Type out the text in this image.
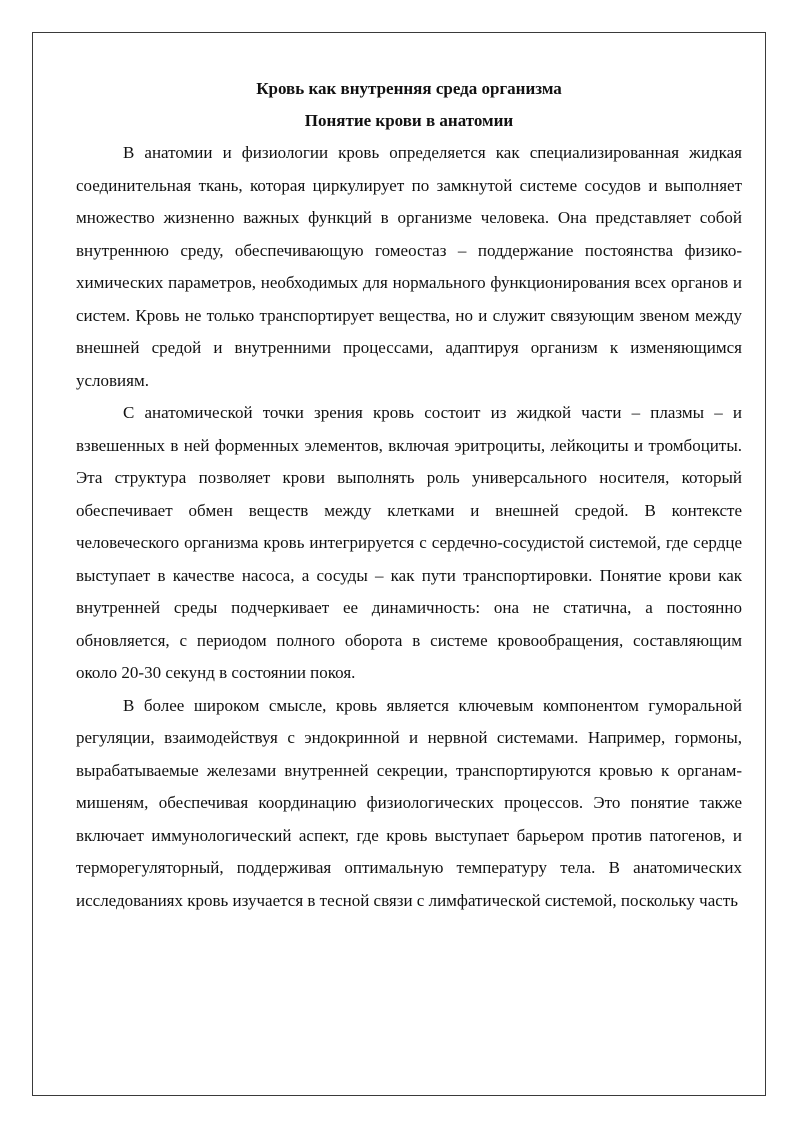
Кровь как внутренняя среда организма

Понятие крови в анатомии

В анатомии и физиологии кровь определяется как специализированная жидкая соединительная ткань, которая циркулирует по замкнутой системе сосудов и выполняет множество жизненно важных функций в организме человека. Она представляет собой внутреннюю среду, обеспечивающую гомеостаз – поддержание постоянства физико-химических параметров, необходимых для нормального функционирования всех органов и систем. Кровь не только транспортирует вещества, но и служит связующим звеном между внешней средой и внутренними процессами, адаптируя организм к изменяющимся условиям.

С анатомической точки зрения кровь состоит из жидкой части – плазмы – и взвешенных в ней форменных элементов, включая эритроциты, лейкоциты и тромбоциты. Эта структура позволяет крови выполнять роль универсального носителя, который обеспечивает обмен веществ между клетками и внешней средой. В контексте человеческого организма кровь интегрируется с сердечно-сосудистой системой, где сердце выступает в качестве насоса, а сосуды – как пути транспортировки. Понятие крови как внутренней среды подчеркивает ее динамичность: она не статична, а постоянно обновляется, с периодом полного оборота в системе кровообращения, составляющим около 20-30 секунд в состоянии покоя.

В более широком смысле, кровь является ключевым компонентом гуморальной регуляции, взаимодействуя с эндокринной и нервной системами. Например, гормоны, вырабатываемые железами внутренней секреции, транспортируются кровью к органам-мишеням, обеспечивая координацию физиологических процессов. Это понятие также включает иммунологический аспект, где кровь выступает барьером против патогенов, и терморегуляторный, поддерживая оптимальную температуру тела. В анатомических исследованиях кровь изучается в тесной связи с лимфатической системой, поскольку часть
